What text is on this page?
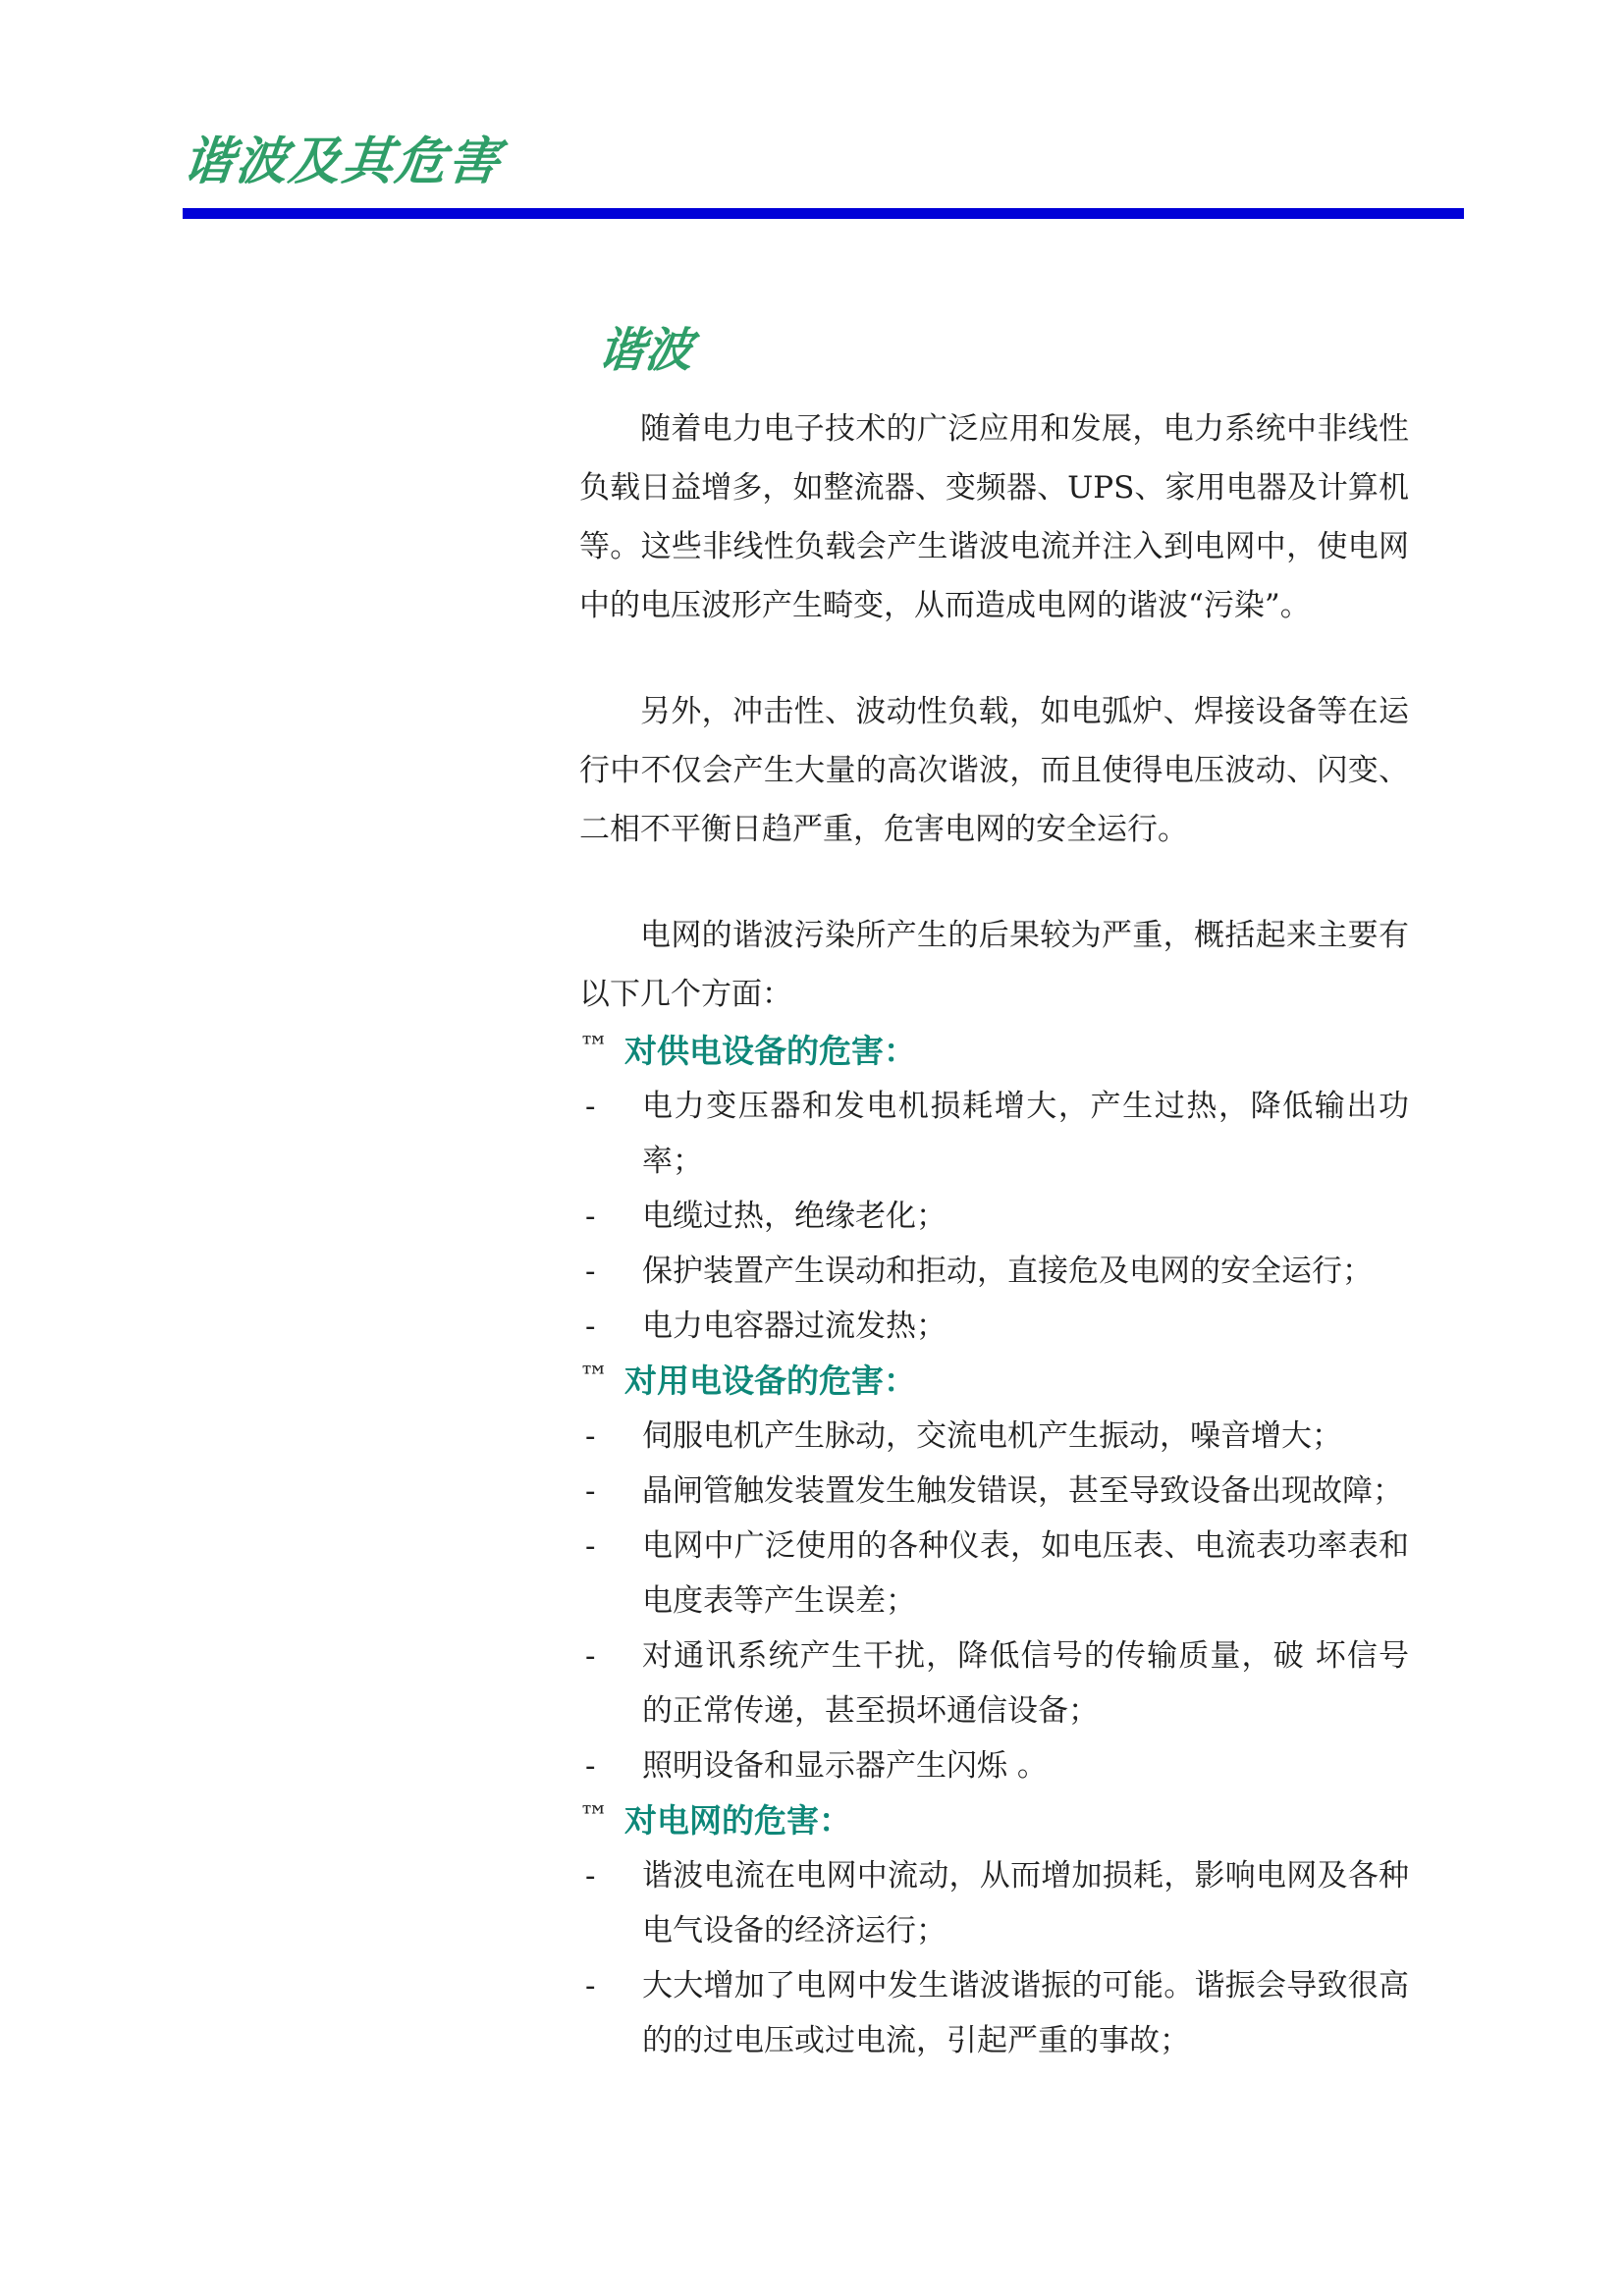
谐波及其危害
谐波

随着电力电子技术的广泛应用和发展，电力系统中非线性负载日益增多，如整流器、变频器、UPS、家用电器及计算机等。这些非线性负载会产生谐波电流并注入到电网中，使电网中的电压波形产生畸变，从而造成电网的谐波“污染”。

另外，冲击性、波动性负载，如电弧炉、焊接设备等在运行中不仅会产生大量的高次谐波，而且使得电压波动、闪变、二相不平衡日趋严重，危害电网的安全运行。

电网的谐波污染所产生的后果较为严重，概括起来主要有以下几个方面：

™ 对供电设备的危害：
-	电力变压器和发电机损耗增大，产生过热，降低输出功率；
-	电缆过热，绝缘老化；
-	保护装置产生误动和拒动，直接危及电网的安全运行；
-	电力电容器过流发热；
™ 对用电设备的危害：
-	伺服电机产生脉动，交流电机产生振动，噪音增大；
-	晶闸管触发装置发生触发错误，甚至导致设备出现故障；
-	电网中广泛使用的各种仪表，如电压表、电流表功率表和电度表等产生误差；
-	对通讯系统产生干扰，降低信号的传输质量，破 坏信号的正常传递，甚至损坏通信设备；
-	照明设备和显示器产生闪烁 。
™ 对电网的危害：
-	谐波电流在电网中流动，从而增加损耗，影响电网及各种电气设备的经济运行；
-	大大增加了电网中发生谐波谐振的可能。谐振会导致很高的的过电压或过电流，引起严重的事故；
